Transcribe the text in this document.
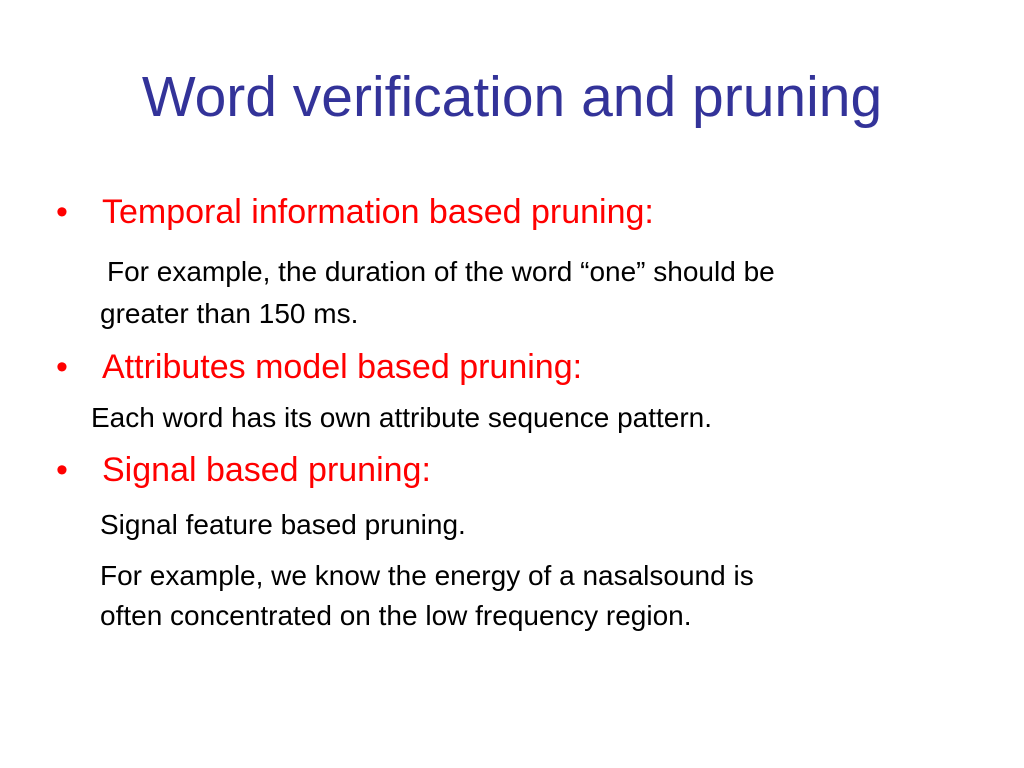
Word verification and pruning
• Temporal information based pruning:
For example, the duration of the word “one” should be
greater than 150 ms.
• Attributes model based pruning:
Each word has its own attribute sequence pattern.
• Signal based pruning:
Signal feature based pruning.
For example, we know the energy of a nasalsound is
often concentrated on the low frequency region.
